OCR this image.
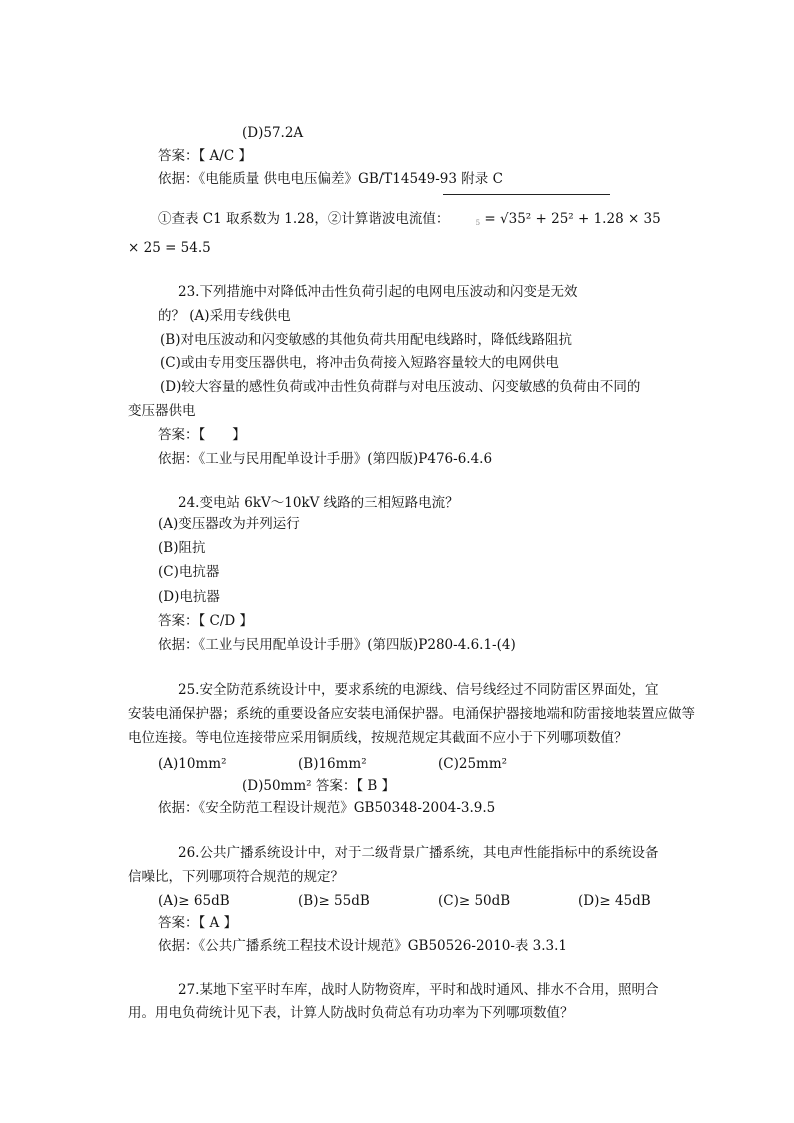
(D)57.2A
答案：【 A/C 】
依据：《电能质量 供电电压偏差》GB/T14549-93 附录 C
①查表 C1 取系数为 1.28，②计算谐波电流值：	$_5$ = √35² + 25² + 1.28 × 35
× 25 = 54.5
23.下列措施中对降低冲击性负荷引起的电网电压波动和闪变是无效
的？ (A)采用专线供电
(B)对电压波动和闪变敏感的其他负荷共用配电线路时，降低线路阻抗
(C)或由专用变压器供电，将冲击负荷接入短路容量较大的电网供电
(D)较大容量的感性负荷或冲击性负荷群与对电压波动、闪变敏感的负荷由不同的
变压器供电
答案：【　　】
依据：《工业与民用配单设计手册》(第四版)P476-6.4.6
24.变电站 6kV～10kV 线路的三相短路电流？
(A)变压器改为并列运行
(B)阻抗
(C)电抗器
(D)电抗器
答案：【 C/D 】
依据：《工业与民用配单设计手册》(第四版)P280-4.6.1-(4)
25.安全防范系统设计中，要求系统的电源线、信号线经过不同防雷区界面处，宜
安装电涌保护器；系统的重要设备应安装电涌保护器。电涌保护器接地端和防雷接地装置应做等
电位连接。等电位连接带应采用铜质线，按规范规定其截面不应小于下列哪项数值？
(A)10mm²	(B)16mm²	(C)25mm²
(D)50mm² 答案：【 B 】
依据：《安全防范工程设计规范》GB50348-2004-3.9.5
26.公共广播系统设计中，对于二级背景广播系统，其电声性能指标中的系统设备
信噪比，下列哪项符合规范的规定？
(A)≥ 65dB	(B)≥ 55dB	(C)≥ 50dB	(D)≥ 45dB
答案：【 A 】
依据：《公共广播系统工程技术设计规范》GB50526-2010-表 3.3.1
27.某地下室平时车库，战时人防物资库，平时和战时通风、排水不合用，照明合
用。用电负荷统计见下表，计算人防战时负荷总有功功率为下列哪项数值？
